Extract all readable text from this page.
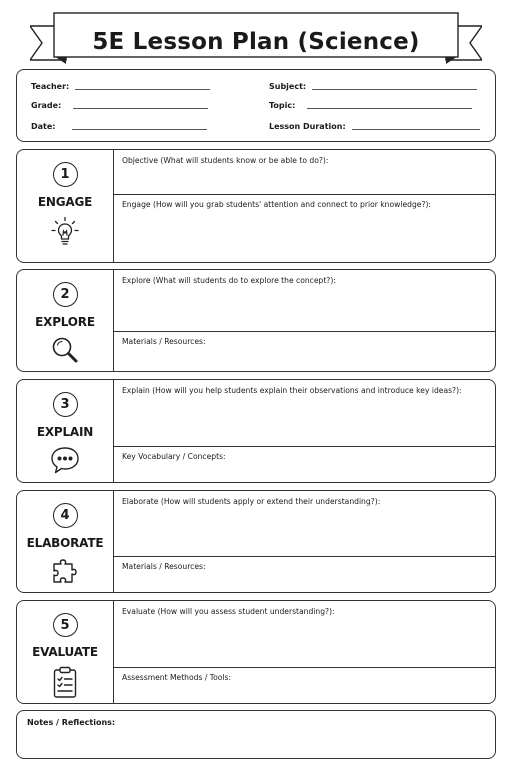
5E Lesson Plan (Science)
Teacher:
Grade:
Date:
Subject:
Topic:
Lesson Duration:
1
ENGAGE
Objective (What will students know or be able to do?):
Engage (How will you grab students' attention and connect to prior knowledge?):
2
EXPLORE
Explore (What will students do to explore the concept?):
Materials / Resources:
3
EXPLAIN
Explain (How will you help students explain their observations and introduce key ideas?):
Key Vocabulary / Concepts:
4
ELABORATE
Elaborate (How will students apply or extend their understanding?):
Materials / Resources:
5
EVALUATE
Evaluate (How will you assess student understanding?):
Assessment Methods / Tools:
Notes / Reflections:
